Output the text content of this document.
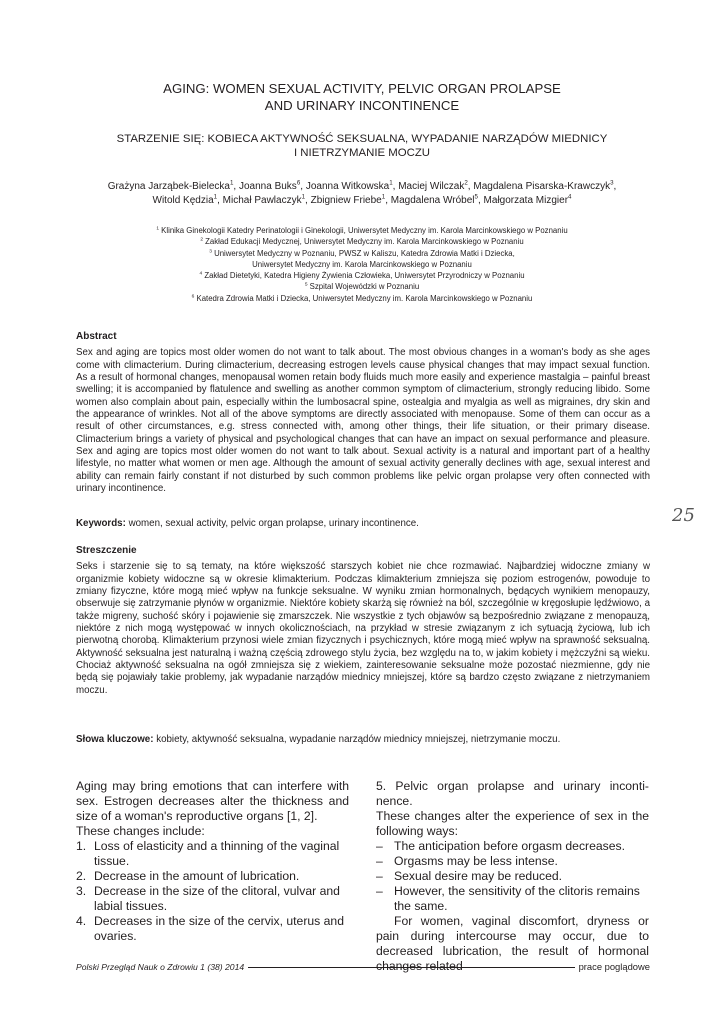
AGING: WOMEN SEXUAL ACTIVITY, PELVIC ORGAN PROLAPSE
AND URINARY INCONTINENCE
STARZENIE SIĘ: KOBIECA AKTYWNOŚĆ SEKSUALNA, WYPADANIE NARZĄDÓW MIEDNICY
I NIETRZYMANIE MOCZU
Grażyna Jarząbek-Bielecka$^1$, Joanna Buks$^6$, Joanna Witkowska$^1$, Maciej Wilczak$^2$, Magdalena Pisarska-Krawczyk$^3$,
Witold Kędzia$^1$, Michał Pawlaczyk$^1$, Zbigniew Friebe$^1$, Magdalena Wróbel$^5$, Małgorzata Mizgier$^4$
$^1$ Klinika Ginekologii Katedry Perinatologii i Ginekologii, Uniwersytet Medyczny im. Karola Marcinkowskiego w Poznaniu
$^2$ Zakład Edukacji Medycznej, Uniwersytet Medyczny im. Karola Marcinkowskiego w Poznaniu
$^3$ Uniwersytet Medyczny w Poznaniu, PWSZ w Kaliszu, Katedra Zdrowia Matki i Dziecka,
Uniwersytet Medyczny im. Karola Marcinkowskiego w Poznaniu
$^4$ Zakład Dietetyki, Katedra Higieny Żywienia Człowieka, Uniwersytet Przyrodniczy w Poznaniu
$^5$ Szpital Wojewódzki w Poznaniu
$^6$ Katedra Zdrowia Matki i Dziecka, Uniwersytet Medyczny im. Karola Marcinkowskiego w Poznaniu
Abstract
Sex and aging are topics most older women do not want to talk about. The most obvious changes in a woman's body as she ages come with climacterium. During climacterium, decreasing estrogen levels cause physical changes that may impact sexual function. As a result of hormonal changes, menopausal women retain body fluids much more easily and experience mastalgia – painful breast swelling; it is accompanied by flatulence and swelling as another common symptom of climacterium, strongly reducing libido. Some women also complain about pain, especially within the lumbosacral spine, ostealgia and myalgia as well as migraines, dry skin and the appearance of wrinkles. Not all of the above symptoms are directly associated with menopause. Some of them can occur as a result of other circumstances, e.g. stress connected with, among other things, their life situation, or their primary disease. Climacterium brings a variety of physical and psychological changes that can have an impact on sexual performance and pleasure. Sex and aging are topics most older women do not want to talk about. Sexual activity is a natural and important part of a healthy lifestyle, no matter what women or men age. Although the amount of sexual activity generally declines with age, sexual interest and ability can remain fairly constant if not disturbed by such common problems like pelvic organ prolapse very often connected with urinary incontinence.
Keywords: women, sexual activity, pelvic organ prolapse, urinary incontinence.	25
Streszczenie
Seks i starzenie się to są tematy, na które większość starszych kobiet nie chce rozmawiać. Najbardziej widoczne zmiany w organizmie kobiety widoczne są w okresie klimakterium. Podczas klimakterium zmniejsza się poziom estrogenów, powoduje to zmiany fizyczne, które mogą mieć wpływ na funkcje seksualne. W wyniku zmian hormonalnych, będących wynikiem menopauzy, obserwuje się zatrzymanie płynów w organizmie. Niektóre kobiety skarżą się również na ból, szczególnie w kręgosłupie lędźwiowo, a także migreny, suchość skóry i pojawienie się zmarszczek. Nie wszystkie z tych objawów są bezpośrednio związane z menopauzą, niektóre z nich mogą występować w innych okolicznościach, na przykład w stresie związanym z ich sytuacją życiową, lub ich pierwotną chorobą. Klimakterium przynosi wiele zmian fizycznych i psychicznych, które mogą mieć wpływ na sprawność seksualną. Aktywność seksualna jest naturalną i ważną częścią zdrowego stylu życia, bez względu na to, w jakim kobiety i mężczyźni są wieku. Chociaż aktywność seksualna na ogół zmniejsza się z wiekiem, zainteresowanie seksualne może pozostać niezmienne, gdy nie będą się pojawiały takie problemy, jak wypadanie narządów miednicy mniejszej, które są bardzo często związane z nietrzymaniem moczu.
Słowa kluczowe: kobiety, aktywność seksualna, wypadanie narządów miednicy mniejszej, nietrzymanie moczu.
Aging may bring emotions that can interfere with sex. Estrogen decreases alter the thickness and size of a woman's reproductive organs [1, 2].
These changes include:
1. Loss of elasticity and a thinning of the vaginal tissue.
2. Decrease in the amount of lubrication.
3. Decrease in the size of the clitoral, vulvar and labial tissues.
4. Decreases in the size of the cervix, uterus and ovaries.
5. Pelvic organ prolapse and urinary inconti-nence.
These changes alter the experience of sex in the following ways:
– The anticipation before orgasm decreases.
– Orgasms may be less intense.
– Sexual desire may be reduced.
– However, the sensitivity of the clitoris remains the same.
For women, vaginal discomfort, dryness or pain during intercourse may occur, due to decreased lubrication, the result of hormonal changes related
Polski Przegląd Nauk o Zdrowiu 1 (38) 2014	prace poglądowe
